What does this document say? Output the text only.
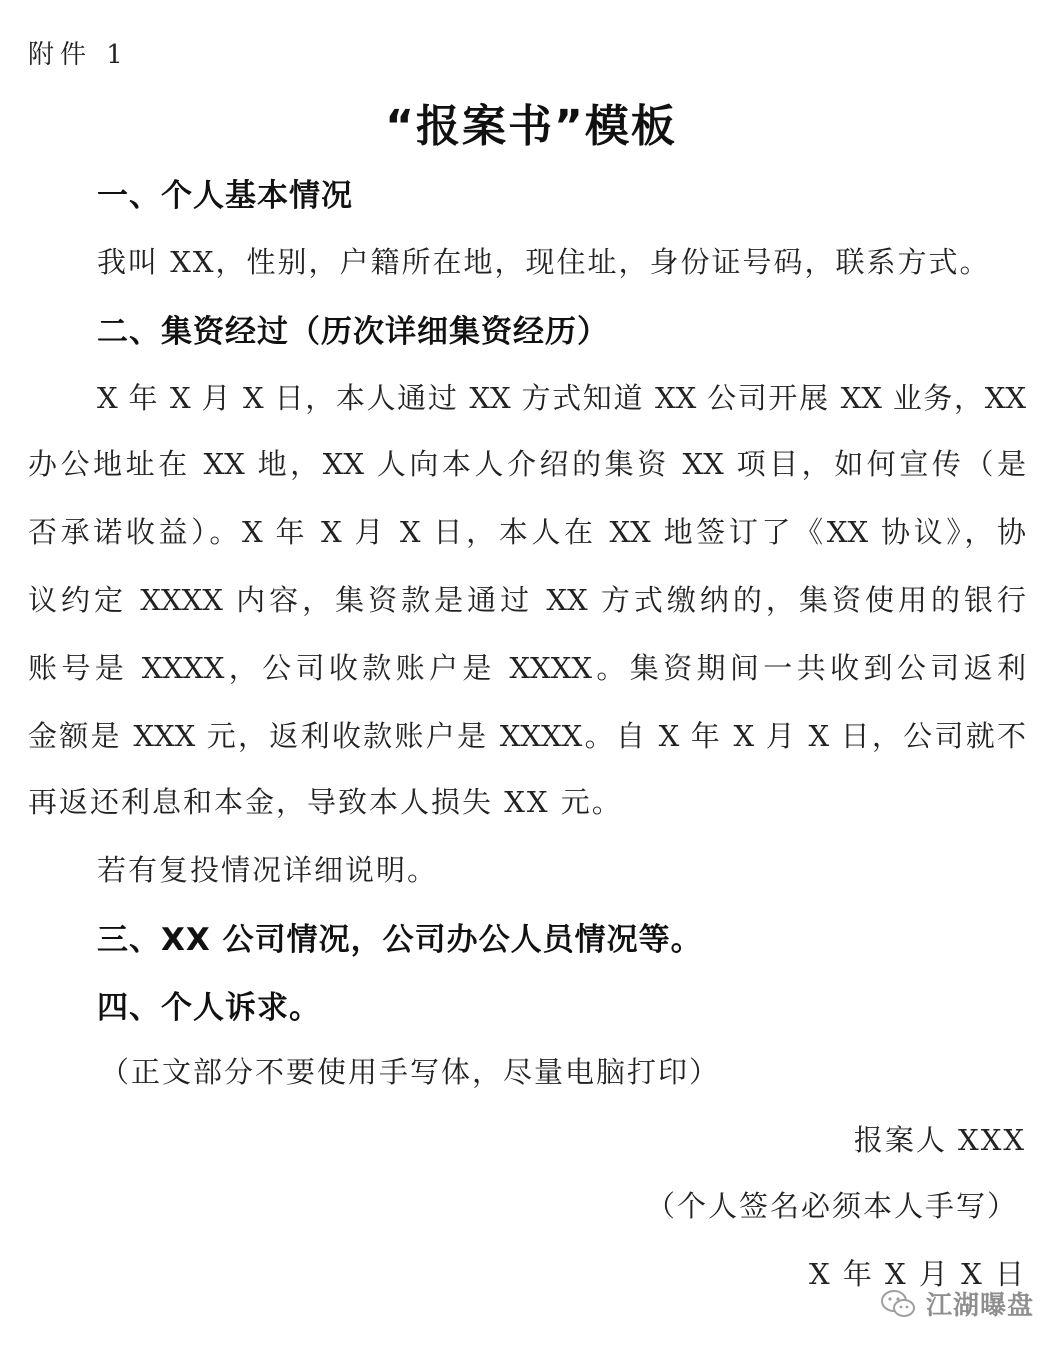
附件 1
“报案书”模板
一、个人基本情况
我叫 XX，性别，户籍所在地，现住址，身份证号码，联系方式。
二、集资经过（历次详细集资经历）
X 年 X 月 X 日，本人通过 XX 方式知道 XX 公司开展 XX 业务，XX
办公地址在 XX 地，XX 人向本人介绍的集资 XX 项目，如何宣传（是
否承诺收益）。X 年 X 月 X 日，本人在 XX 地签订了《XX 协议》，协
议约定 XXXX 内容，集资款是通过 XX 方式缴纳的，集资使用的银行
账号是 XXXX，公司收款账户是 XXXX。集资期间一共收到公司返利
金额是 XXX 元，返利收款账户是 XXXX。自 X 年 X 月 X 日，公司就不
再返还利息和本金，导致本人损失 XX 元。
若有复投情况详细说明。
三、XX 公司情况，公司办公人员情况等。
四、个人诉求。
（正文部分不要使用手写体，尽量电脑打印）
报案人 XXX
（个人签名必须本人手写）
X 年 X 月 X 日
江湖曝盘
